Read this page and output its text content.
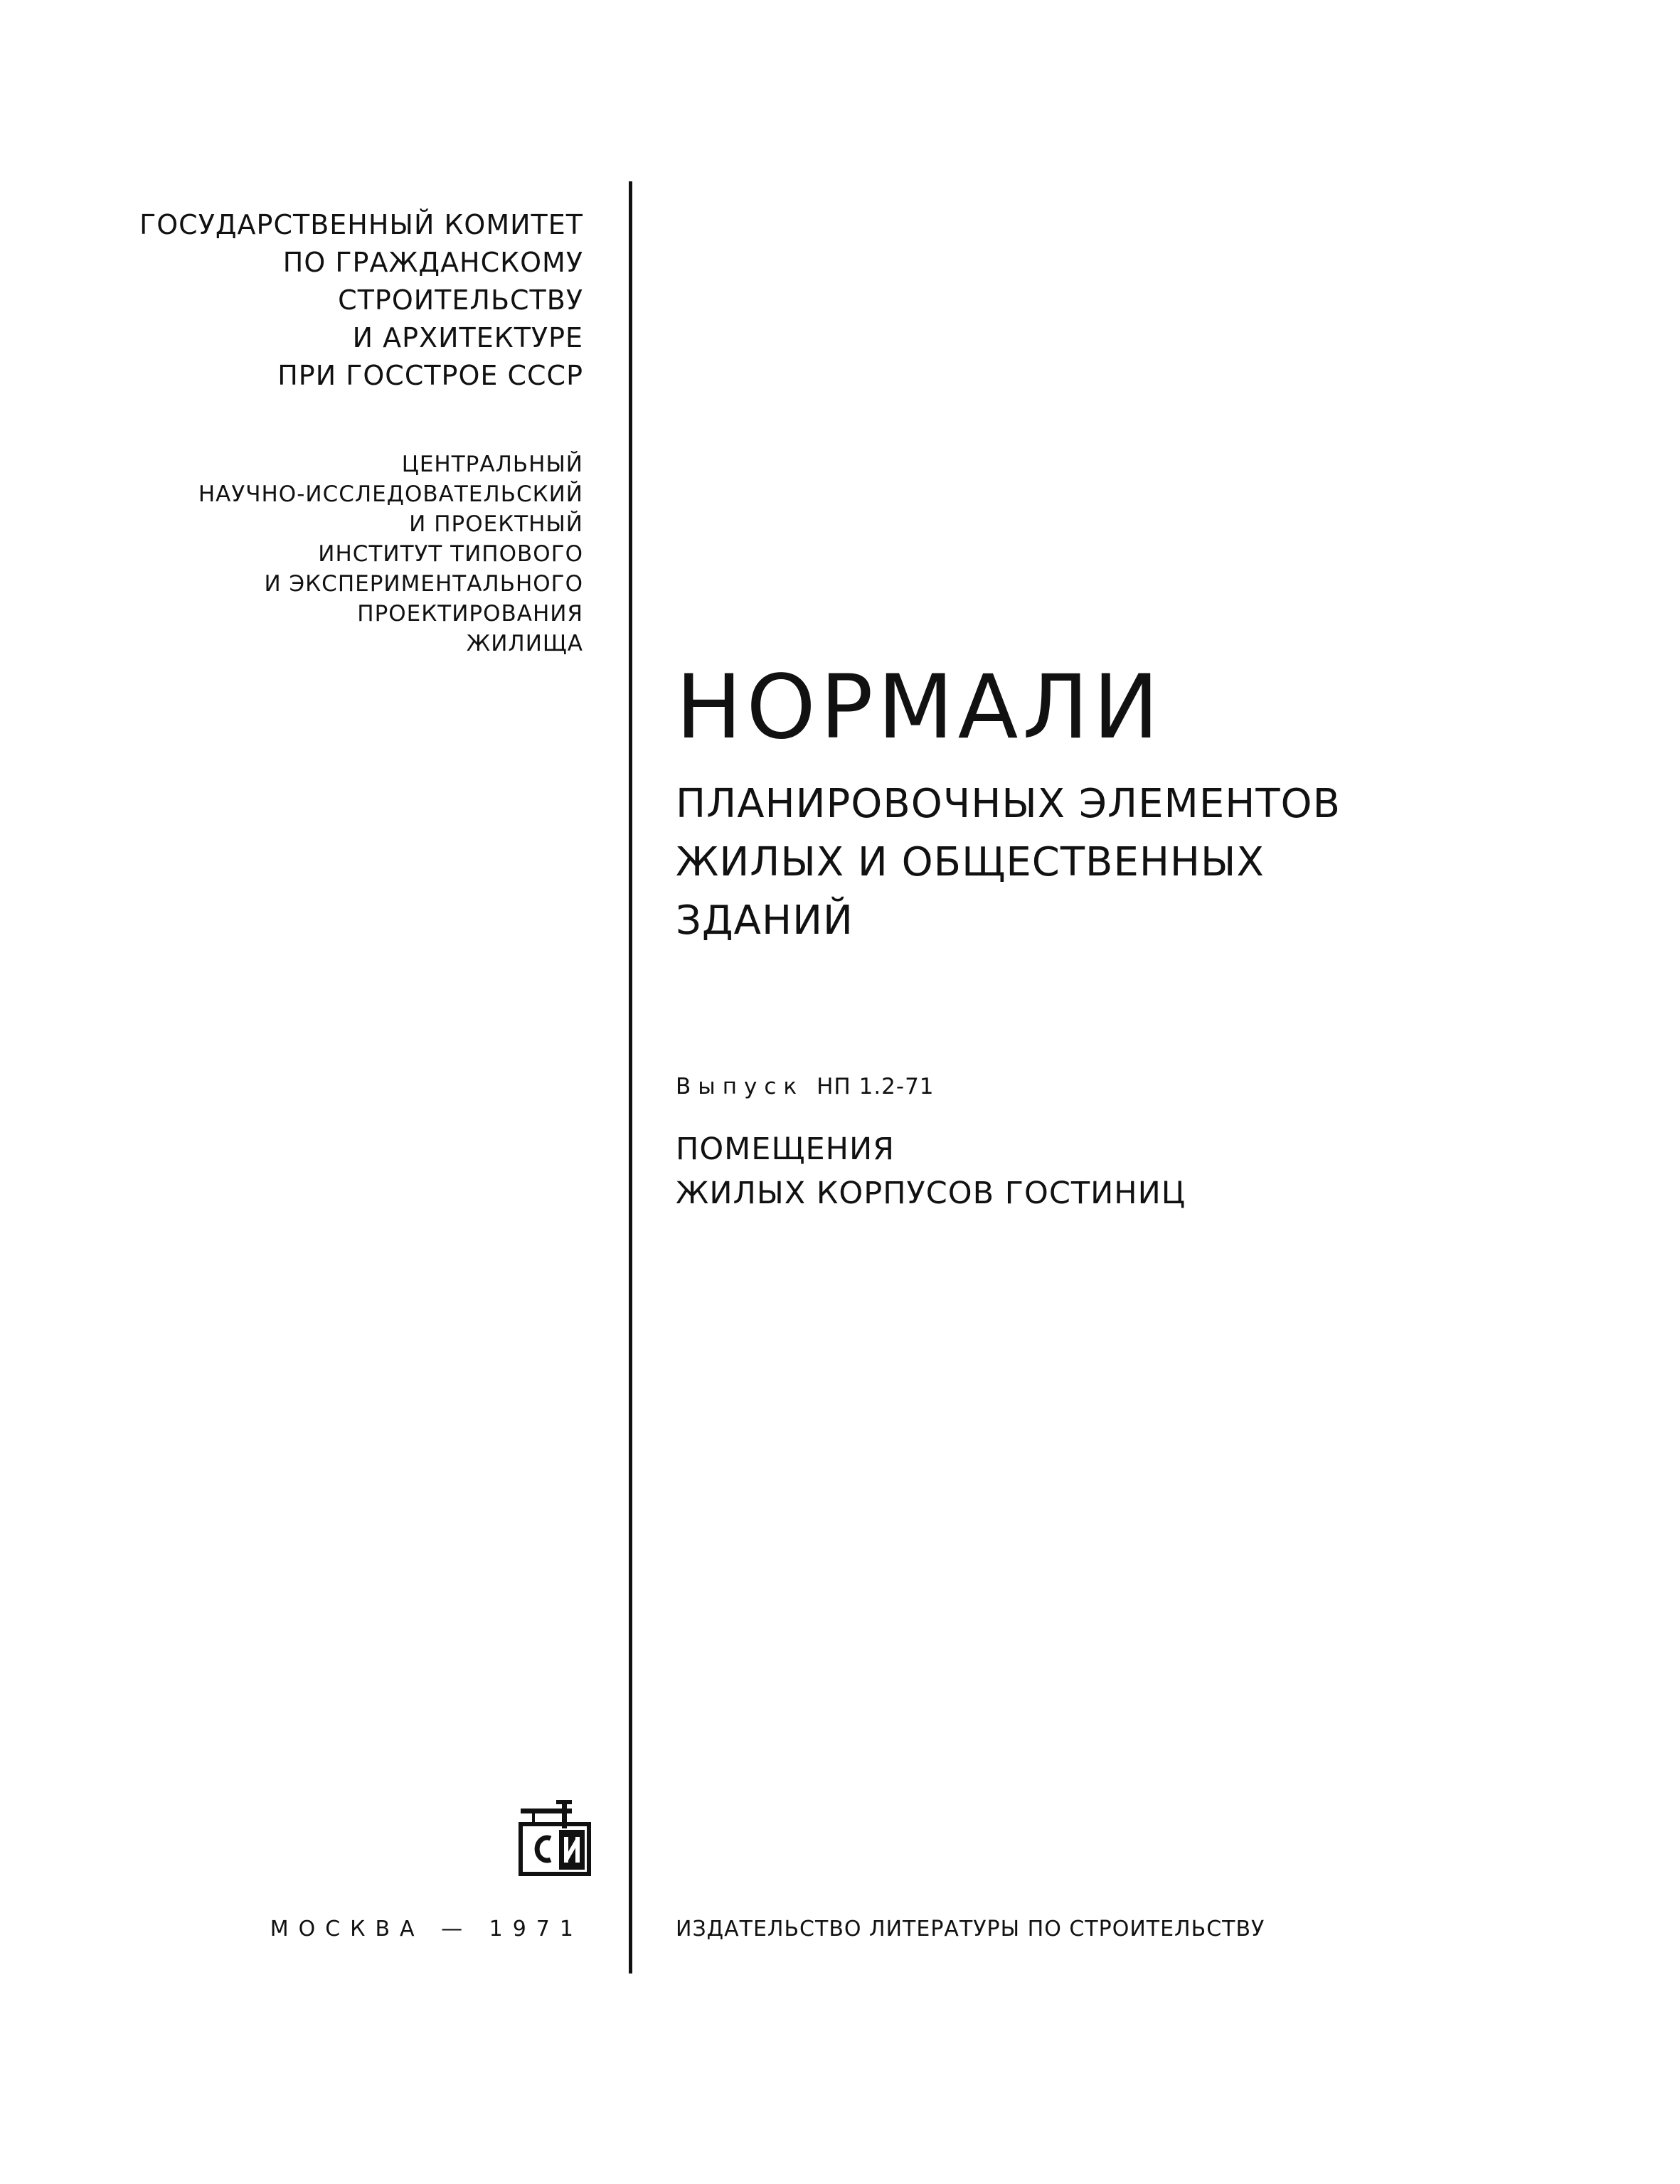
ГОСУДАРСТВЕННЫЙ КОМИТЕТ
ПО ГРАЖДАНСКОМУ
СТРОИТЕЛЬСТВУ
И АРХИТЕКТУРЕ
ПРИ ГОССТРОЕ СССР
ЦЕНТРАЛЬНЫЙ
НАУЧНО-ИССЛЕДОВАТЕЛЬСКИЙ
И ПРОЕКТНЫЙ
ИНСТИТУТ ТИПОВОГО
И ЭКСПЕРИМЕНТАЛЬНОГО
ПРОЕКТИРОВАНИЯ
ЖИЛИЩА
НОРМАЛИ
ПЛАНИРОВОЧНЫХ ЭЛЕМЕНТОВ
ЖИЛЫХ И ОБЩЕСТВЕННЫХ
ЗДАНИЙ
Выпуск НП 1.2-71
ПОМЕЩЕНИЯ
ЖИЛЫХ КОРПУСОВ ГОСТИНИЦ
МОСКВА — 1971	ИЗДАТЕЛЬСТВО ЛИТЕРАТУРЫ ПО СТРОИТЕЛЬСТВУ
